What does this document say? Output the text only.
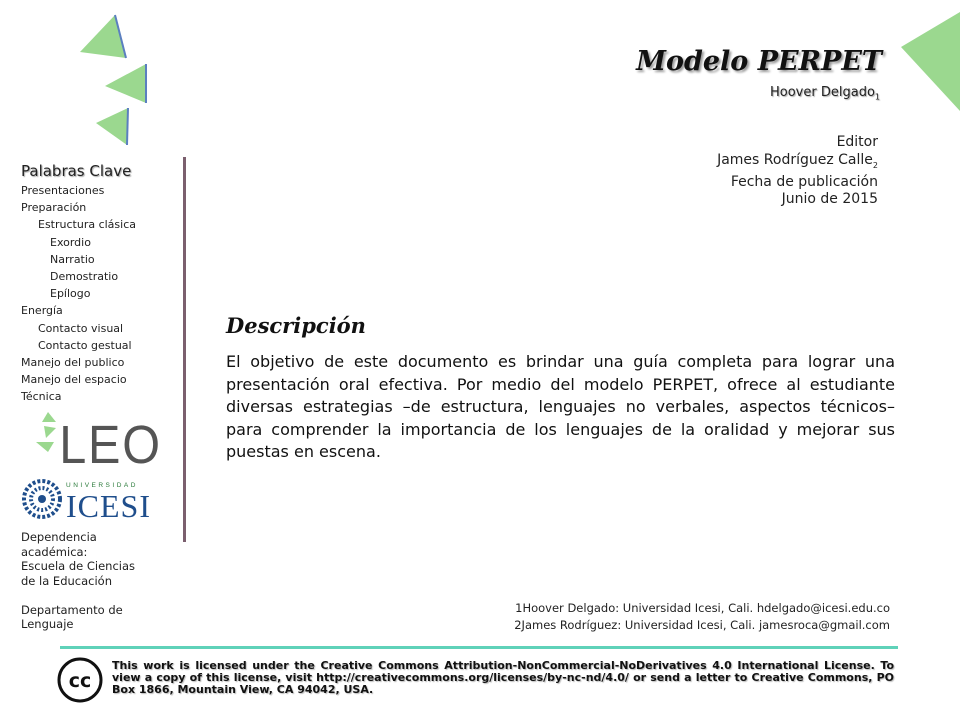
Modelo PERPET
Hoover Delgado$_1$
Editor
James Rodríguez Calle$_2$
Fecha de publicación
Junio de 2015
Palabras Clave
Presentaciones
Preparación
Estructura clásica
Exordio
Narratio
Demostratio
Epílogo
Energía
Contacto visual
Contacto gestual
Manejo del publico
Manejo del espacio
Técnica
LEO
UNIVERSIDAD
ICESI
Dependencia
académica:
Escuela de Ciencias
de la Educación
Departamento de
Lenguaje
Descripción
El objetivo de este documento es brindar una guía completa para lograr una presentación oral efectiva. Por medio del modelo PERPET, ofrece al estudiante diversas estrategias –de estructura, lenguajes no verbales, aspectos técnicos– para comprender la importancia de los lenguajes de la oralidad y mejorar sus puestas en escena.
1Hoover Delgado: Universidad Icesi, Cali. hdelgado@icesi.edu.co
2James Rodríguez: Universidad Icesi, Cali. jamesroca@gmail.com
cc
This work is licensed under the Creative Commons Attribution-NonCommercial-NoDerivatives 4.0 International License. To view a copy of this license, visit http://creativecommons.org/licenses/by-nc-nd/4.0/ or send a letter to Creative Commons, PO Box 1866, Mountain View, CA 94042, USA.
